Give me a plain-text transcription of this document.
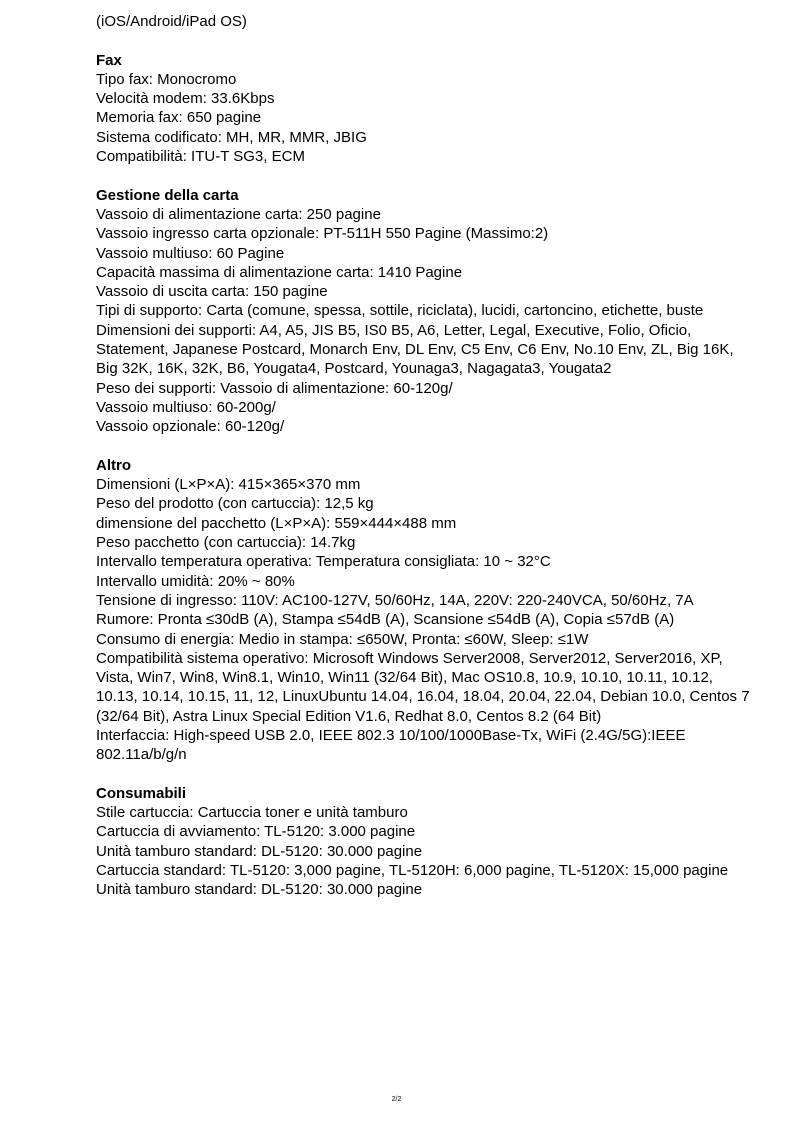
(iOS/Android/iPad OS)

Fax

Tipo fax: Monocromo

Velocità modem: 33.6Kbps

Memoria fax: 650 pagine

Sistema codificato: MH, MR, MMR, JBIG

Compatibilità: ITU-T SG3, ECM

Gestione della carta

Vassoio di alimentazione carta: 250 pagine

Vassoio ingresso carta opzionale: PT-511H 550 Pagine (Massimo:2)

Vassoio multiuso: 60 Pagine

Capacità massima di alimentazione carta: 1410 Pagine

Vassoio di uscita carta: 150 pagine

Tipi di supporto: Carta (comune, spessa, sottile, riciclata), lucidi, cartoncino, etichette, buste

Dimensioni dei supporti: A4, A5, JIS B5, IS0 B5, A6, Letter, Legal, Executive, Folio, Oficio, Statement, Japanese Postcard, Monarch Env, DL Env, C5 Env, C6 Env, No.10 Env, ZL, Big 16K, Big 32K, 16K, 32K, B6, Yougata4, Postcard, Younaga3, Nagagata3, Yougata2

Peso dei supporti: Vassoio di alimentazione: 60-120g/

Vassoio multiuso: 60-200g/

Vassoio opzionale: 60-120g/

Altro

Dimensioni (L×P×A): 415×365×370 mm

Peso del prodotto (con cartuccia): 12,5 kg

dimensione del pacchetto (L×P×A): 559×444×488 mm

Peso pacchetto (con cartuccia): 14.7kg

Intervallo temperatura operativa: Temperatura consigliata: 10 ~ 32°C

Intervallo umidità: 20% ~ 80%

Tensione di ingresso: 110V: AC100-127V, 50/60Hz, 14A, 220V: 220-240VCA, 50/60Hz, 7A

Rumore: Pronta ≤30dB (A), Stampa ≤54dB (A), Scansione ≤54dB (A), Copia ≤57dB (A)

Consumo di energia: Medio in stampa: ≤650W, Pronta: ≤60W, Sleep: ≤1W

Compatibilità sistema operativo: Microsoft Windows Server2008, Server2012, Server2016, XP, Vista, Win7, Win8, Win8.1, Win10, Win11 (32/64 Bit), Mac OS10.8, 10.9, 10.10, 10.11, 10.12, 10.13, 10.14, 10.15, 11, 12, LinuxUbuntu 14.04, 16.04, 18.04, 20.04, 22.04, Debian 10.0, Centos 7 (32/64 Bit), Astra Linux Special Edition V1.6, Redhat 8.0, Centos 8.2 (64 Bit)

Interfaccia: High-speed USB 2.0, IEEE 802.3 10/100/1000Base-Tx, WiFi (2.4G/5G):IEEE 802.11a/b/g/n

Consumabili

Stile cartuccia: Cartuccia toner e unità tamburo

Cartuccia di avviamento: TL-5120: 3.000 pagine

Unità tamburo standard: DL-5120: 30.000 pagine

Cartuccia standard: TL-5120: 3,000 pagine, TL-5120H: 6,000 pagine, TL-5120X: 15,000 pagine

Unità tamburo standard: DL-5120: 30.000 pagine

2/2
